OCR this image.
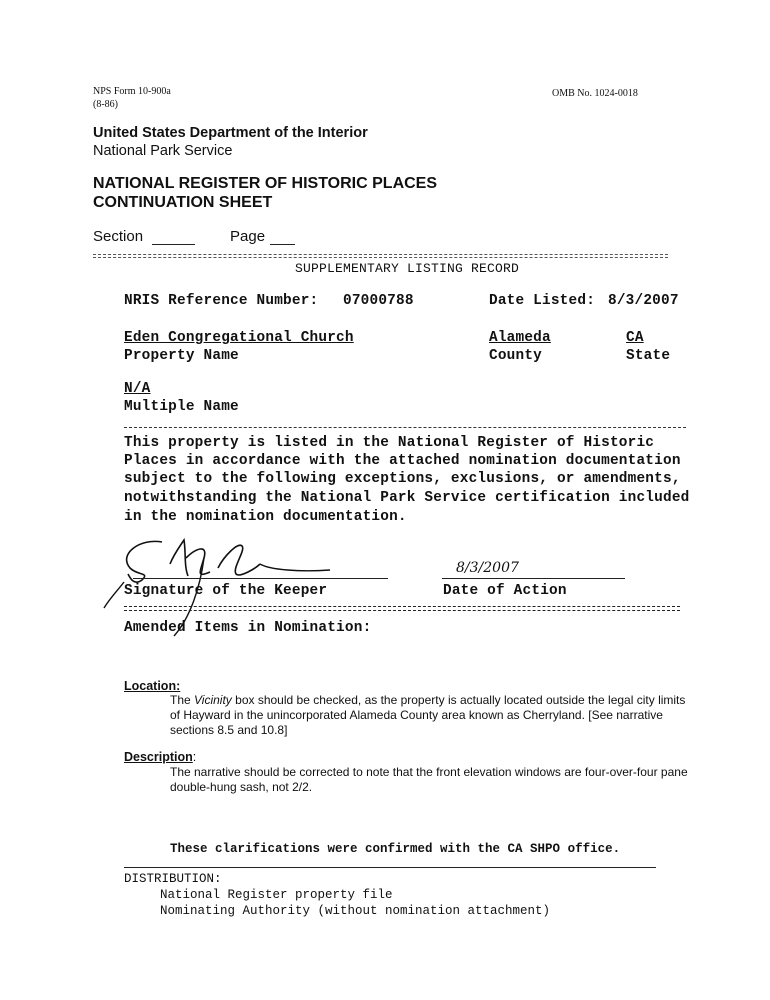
NPS Form 10-900a
(8-86)
OMB No. 1024-0018
United States Department of the Interior
National Park Service
NATIONAL REGISTER OF HISTORIC PLACES
CONTINUATION SHEET
Section	Page
SUPPLEMENTARY LISTING RECORD
NRIS Reference Number: 07000788	Date Listed: 8/3/2007
Eden Congregational Church	Alameda	CA
Property Name	County	State
N/A
Multiple Name
This property is listed in the National Register of Historic
Places in accordance with the attached nomination documentation
subject to the following exceptions, exclusions, or amendments,
notwithstanding the National Park Service certification included
in the nomination documentation.
8/3/2007
Signature of the Keeper	Date of Action
Amended Items in Nomination:
Location:
The Vicinity box should be checked, as the property is actually located outside the legal city limits
of Hayward in the unincorporated Alameda County area known as Cherryland. [See narrative
sections 8.5 and 10.8]
Description:
The narrative should be corrected to note that the front elevation windows are four-over-four pane
double-hung sash, not 2/2.
These clarifications were confirmed with the CA SHPO office.
DISTRIBUTION:
National Register property file
Nominating Authority (without nomination attachment)
